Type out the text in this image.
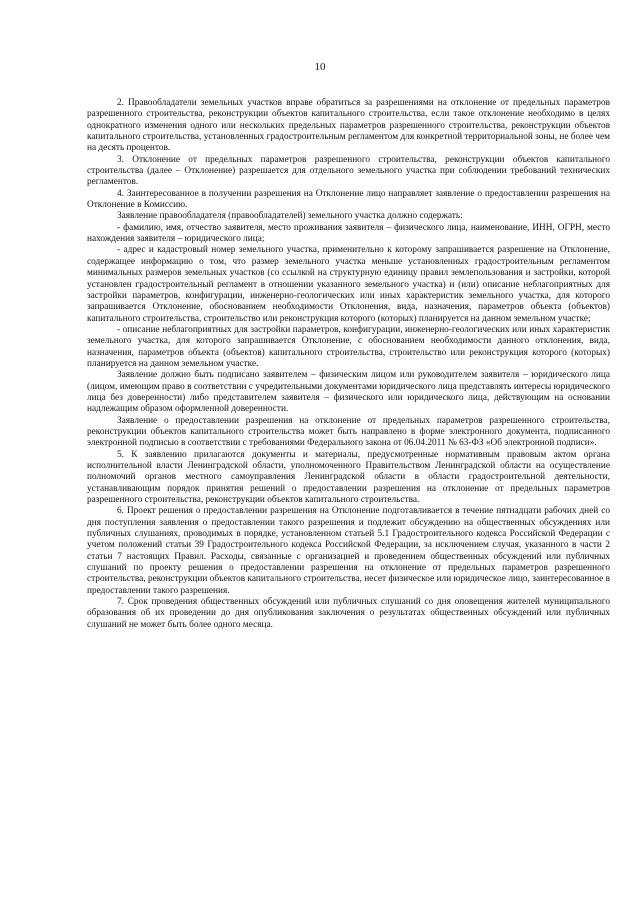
10

2. Правообладатели земельных участков вправе обратиться за разрешениями на отклонение от предельных параметров разрешенного строительства, реконструкции объектов капитального строительства, если такое отклонение необходимо в целях однократного изменения одного или нескольких предельных параметров разрешенного строительства, реконструкции объектов капитального строительства, установленных градостроительным регламентом для конкретной территориальной зоны, не более чем на десять процентов.

3. Отклонение от предельных параметров разрешенного строительства, реконструкции объектов капитального строительства (далее – Отклонение) разрешается для отдельного земельного участка при соблюдении требований технических регламентов.

4. Заинтересованное в получении разрешения на Отклонение лицо направляет заявление о предоставлении разрешения на Отклонение в Комиссию.

Заявление правообладателя (правообладателей) земельного участка должно содержать:

- фамилию, имя, отчество заявителя, место проживания заявителя – физического лица, наименование, ИНН, ОГРН, место нахождения заявителя – юридического лица;

- адрес и кадастровый номер земельного участка, применительно к которому запрашивается разрешение на Отклонение, содержащее информацию о том, что размер земельного участка меньше установленных градостроительным регламентом минимальных размеров земельных участков (со ссылкой на структурную единицу правил землепользования и застройки, которой установлен градостроительный регламент в отношении указанного земельного участка) и (или) описание неблагоприятных для застройки параметров, конфигурации, инженерно-геологических или иных характеристик земельного участка, для которого запрашивается Отклонение, обоснованием необходимости Отклонения, вида, назначения, параметров объекта (объектов) капитального строительства, строительство или реконструкция которого (которых) планируется на данном земельном участке;

- описание неблагоприятных для застройки параметров, конфигурации, инженерно-геологических или иных характеристик земельного участка, для которого запрашивается Отклонение, с обоснованием необходимости данного отклонения, вида, назначения, параметров объекта (объектов) капитального строительства, строительство или реконструкция которого (которых) планируется на данном земельном участке.

Заявление должно быть подписано заявителем – физическим лицом или руководителем заявителя – юридического лица (лицом, имеющим право в соответствии с учредительными документами юридического лица представлять интересы юридического лица без доверенности) либо представителем заявителя – физического или юридического лица, действующим на основании надлежащим образом оформленной доверенности.

Заявление о предоставлении разрешения на отклонение от предельных параметров разрешенного строительства, реконструкции объектов капитального строительства может быть направлено в форме электронного документа, подписанного электронной подписью в соответствии с требованиями Федерального закона от 06.04.2011 № 63-ФЗ «Об электронной подписи».

5. К заявлению прилагаются документы и материалы, предусмотренные нормативным правовым актом органа исполнительной власти Ленинградской области, уполномоченного Правительством Ленинградской области на осуществление полномочий органов местного самоуправления Ленинградской области в области градостроительной деятельности, устанавливающим порядок принятия решений о предоставлении разрешения на отклонение от предельных параметров разрешенного строительства, реконструкции объектов капитального строительства.

6. Проект решения о предоставлении разрешения на Отклонение подготавливается в течение пятнадцати рабочих дней со дня поступления заявления о предоставлении такого разрешения и подлежит обсуждению на общественных обсуждениях или публичных слушаниях, проводимых в порядке, установленном статьей 5.1 Градостроительного кодекса Российской Федерации с учетом положений статьи 39 Градостроительного кодекса Российской Федерации, за исключением случая, указанного в части 2 статьи 7 настоящих Правил. Расходы, связанные с организацией и проведением общественных обсуждений или публичных слушаний по проекту решения о предоставлении разрешения на отклонение от предельных параметров разрешенного строительства, реконструкции объектов капитального строительства, несет физическое или юридическое лицо, заинтересованное в предоставлении такого разрешения.

7. Срок проведения общественных обсуждений или публичных слушаний со дня оповещения жителей муниципального образования об их проведении до дня опубликования заключения о результатах общественных обсуждений или публичных слушаний не может быть более одного месяца.
